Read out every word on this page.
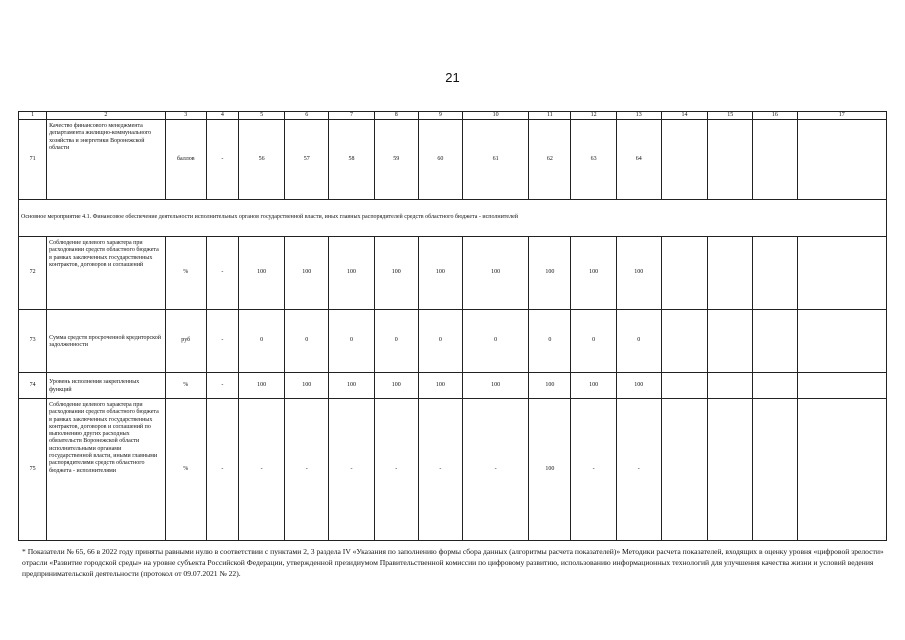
21
1	2	3	4	5	6	7	8	9	10	11	12	13	14	15	16	17
71	Качество финансового менеджмента департамента жилищно-коммунального хозяйства и энергетики Воронежской области	баллов	-	56	57	58	59	60	61	62	63	64				
Основное мероприятие 4.1. Финансовое обеспечение деятельности исполнительных органов государственной власти, иных главных распорядителей средств областного бюджета - исполнителей																
72	Соблюдение целевого характера при расходовании средств областного бюджета в рамках заключенных государственных контрактов, договоров и соглашений	%	-	100	100	100	100	100	100	100	100	100				
73	Сумма средств просроченной кредиторской задолженности	руб	-	0	0	0	0	0	0	0	0	0				
74	Уровень исполнения закрепленных функций	%	-	100	100	100	100	100	100	100	100	100				
75	Соблюдение целевого характера при расходовании средств областного бюджета в рамках заключенных государственных контрактов, договоров и соглашений по выполнению других расходных обязательств Воронежской области исполнительными органами государственной власти, иными главными распорядителями средств областного бюджета - исполнителями	%	-	-	-	-	-	-	-	100	-	-				
* Показатели № 65, 66 в 2022 году приняты равными нулю в соответствии с пунктами 2, 3 раздела IV «Указания по заполнению формы сбора данных (алгоритмы расчета показателей)» Методики расчета показателей, входящих в оценку уровня «цифровой зрелости» отрасли «Развитие городской среды» на уровне субъекта Российской Федерации, утвержденной президиумом Правительственной комиссии по цифровому развитию, использованию информационных технологий для улучшения качества жизни и условий ведения предпринимательской деятельности (протокол от 09.07.2021 № 22).
